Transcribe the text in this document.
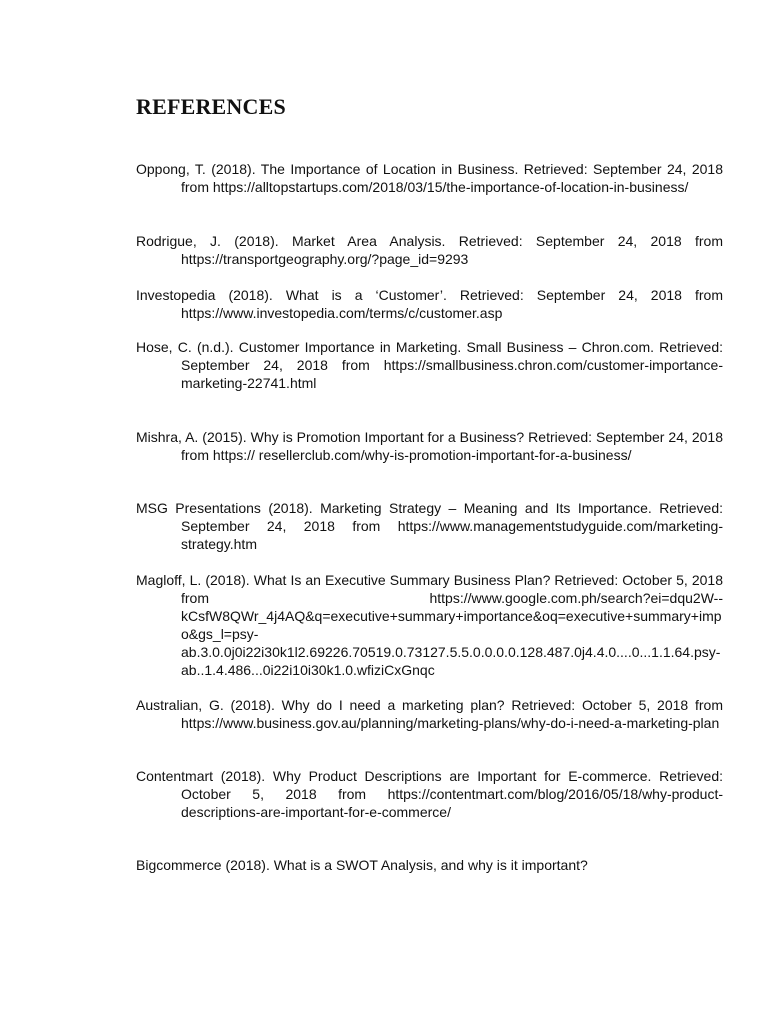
REFERENCES

Oppong, T. (2018). The Importance of Location in Business. Retrieved: September 24, 2018 from https://alltopstartups.com/2018/03/15/the-importance-of-location-in-business/

Rodrigue, J. (2018). Market Area Analysis. Retrieved: September 24, 2018 from https://transportgeography.org/?page_id=9293

Investopedia (2018). What is a ‘Customer’. Retrieved: September 24, 2018 from https://www.investopedia.com/terms/c/customer.asp

Hose, C. (n.d.). Customer Importance in Marketing. Small Business – Chron.com. Retrieved: September 24, 2018 from https://smallbusiness.chron.com/customer-importance-marketing-22741.html

Mishra, A. (2015). Why is Promotion Important for a Business? Retrieved: September 24, 2018 from https:// resellerclub.com/why-is-promotion-important-for-a-business/

MSG Presentations (2018). Marketing Strategy – Meaning and Its Importance. Retrieved: September 24, 2018 from https://www.managementstudyguide.com/marketing-strategy.htm

Magloff, L. (2018). What Is an Executive Summary Business Plan? Retrieved: October 5, 2018 from https://www.google.com.ph/search?ei=dqu2W--kCsfW8QWr_4j4AQ&q=executive+summary+importance&oq=executive+summary+impo&gs_l=psy-ab.3.0.0j0i22i30k1l2.69226.70519.0.73127.5.5.0.0.0.0.128.487.0j4.4.0....0...1.1.64.psy-ab..1.4.486...0i22i10i30k1.0.wfiziCxGnqc

Australian, G. (2018). Why do I need a marketing plan? Retrieved: October 5, 2018 from https://www.business.gov.au/planning/marketing-plans/why-do-i-need-a-marketing-plan

Contentmart (2018). Why Product Descriptions are Important for E-commerce. Retrieved: October 5, 2018 from https://contentmart.com/blog/2016/05/18/why-product-descriptions-are-important-for-e-commerce/

Bigcommerce (2018). What is a SWOT Analysis, and why is it important?
